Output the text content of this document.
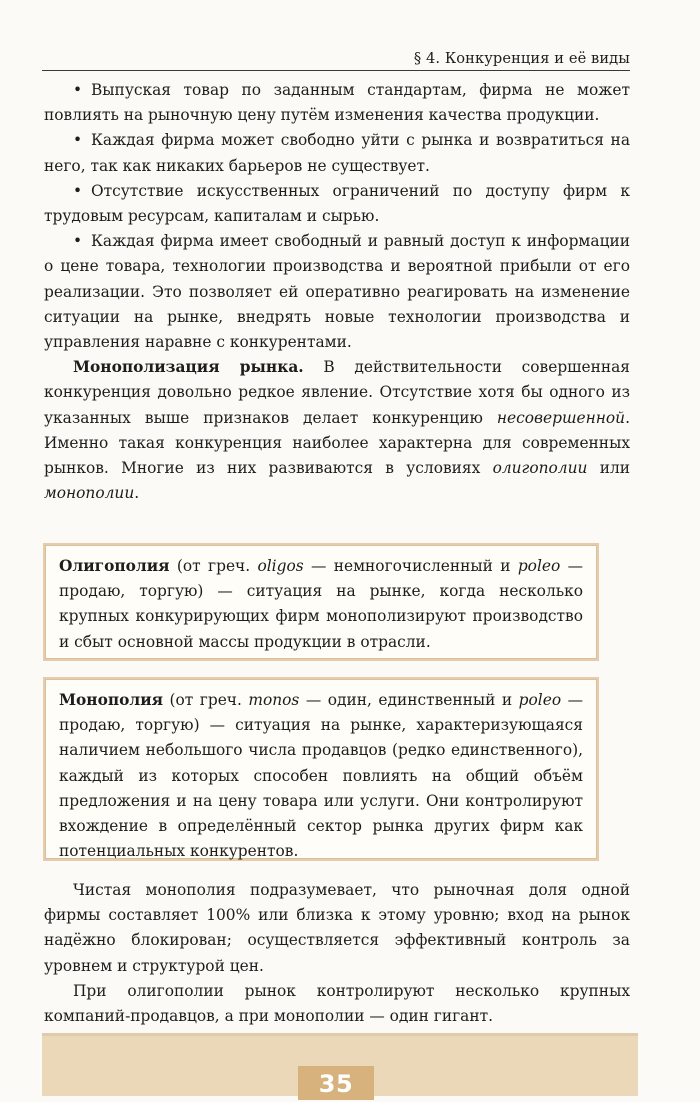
§ 4. Конкуренция и её виды

• Выпуская товар по заданным стандартам, фирма не может повлиять на рыночную цену путём изменения качества продукции.

• Каждая фирма может свободно уйти с рынка и возвратиться на него, так как никаких барьеров не существует.

• Отсутствие искусственных ограничений по доступу фирм к трудовым ресурсам, капиталам и сырью.

• Каждая фирма имеет свободный и равный доступ к информации о цене товара, технологии производства и вероятной прибыли от его реализации. Это позволяет ей оперативно реагировать на изменение ситуации на рынке, внедрять новые технологии производства и управления наравне с конкурентами.

Монополизация рынка. В действительности совершенная конкуренция довольно редкое явление. Отсутствие хотя бы одного из указанных выше признаков делает конкуренцию несовершенной. Именно такая конкуренция наиболее характерна для современных рынков. Многие из них развиваются в условиях олигополии или монополии.

Олигополия (от греч. oligos — немногочисленный и poleo — продаю, торгую) — ситуация на рынке, когда несколько крупных конкурирующих фирм монополизируют производство и сбыт основной массы продукции в отрасли.
Монополия (от греч. monos — один, единственный и poleo — продаю, торгую) — ситуация на рынке, характеризующаяся наличием небольшого числа продавцов (редко единственного), каждый из которых способен повлиять на общий объём предложения и на цену товара или услуги. Они контролируют вхождение в определённый сектор рынка других фирм как потенциальных конкурентов.

Чистая монополия подразумевает, что рыночная доля одной фирмы составляет 100% или близка к этому уровню; вход на рынок надёжно блокирован; осуществляется эффективный контроль за уровнем и структурой цен.

При олигополии рынок контролируют несколько крупных компаний-продавцов, а при монополии — один гигант.

35
